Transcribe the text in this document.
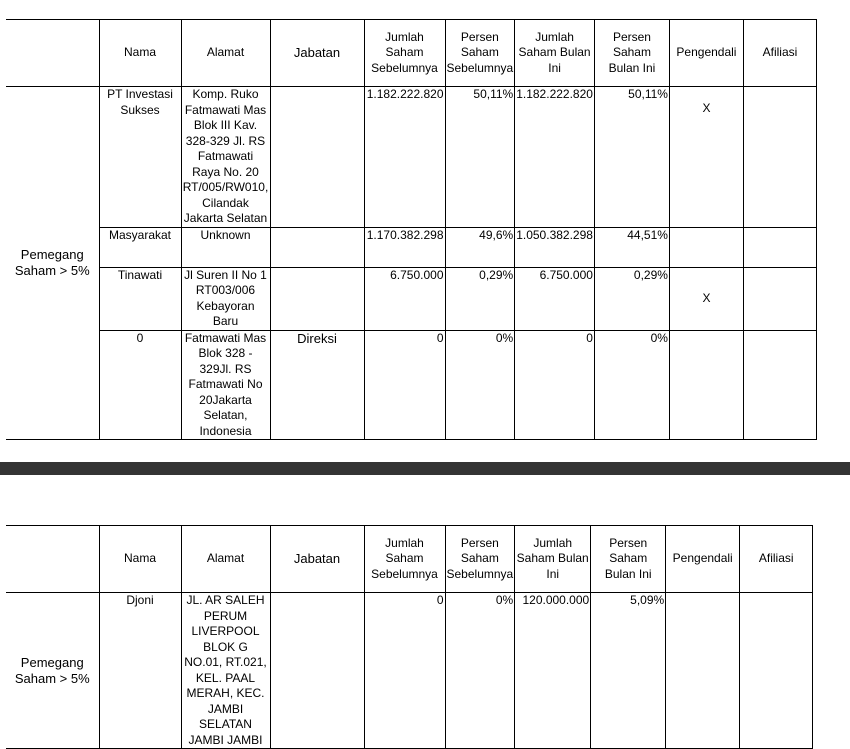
	Nama	Alamat	Jabatan	Jumlah Saham Sebelumnya	Persen Saham Sebelumnya	Jumlah Saham Bulan Ini	Persen Saham Bulan Ini	Pengendali	Afiliasi
Pemegang Saham > 5%	PT Investasi Sukses	Komp. Ruko Fatmawati Mas Blok III Kav. 328-329 Jl. RS Fatmawati Raya No. 20 RT/005/RW010, Cilandak Jakarta Selatan		1.182.222.820	50,11%	1.182.222.820	50,11%	X	
	Masyarakat	Unknown		1.170.382.298	49,6%	1.050.382.298	44,51%		
	Tinawati	Jl Suren II No 1 RT003/006 Kebayoran Baru		6.750.000	0,29%	6.750.000	0,29%	X	
	0	Fatmawati Mas Blok 328 - 329Jl. RS Fatmawati No 20Jakarta Selatan, Indonesia	Direksi	0	0%	0	0%		
	Nama	Alamat	Jabatan	Jumlah Saham Sebelumnya	Persen Saham Sebelumnya	Jumlah Saham Bulan Ini	Persen Saham Bulan Ini	Pengendali	Afiliasi
Pemegang Saham > 5%	Djoni	JL. AR SALEH PERUM LIVERPOOL BLOK G NO.01, RT.021, KEL. PAAL MERAH, KEC. JAMBI SELATAN JAMBI JAMBI		0	0%	120.000.000	5,09%		
